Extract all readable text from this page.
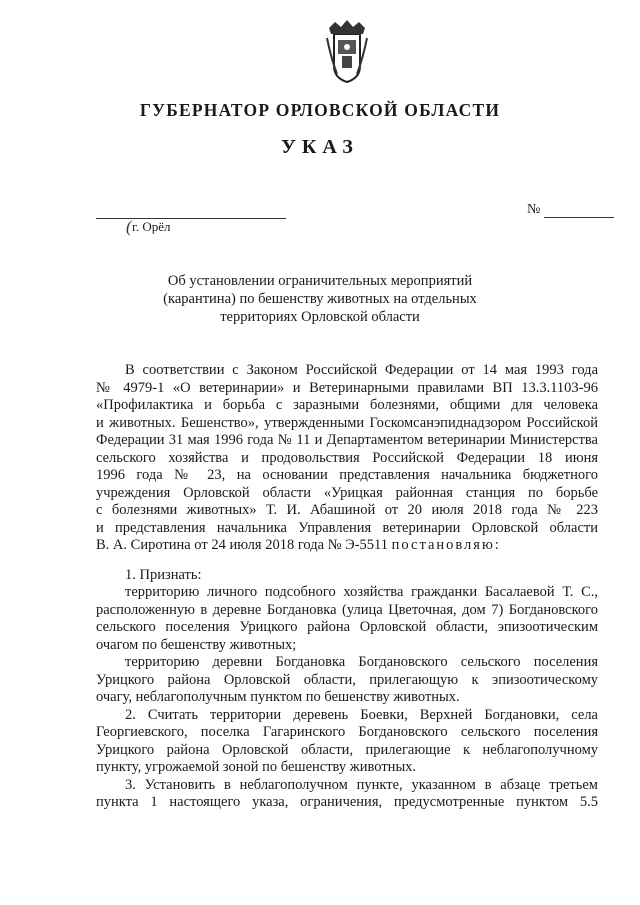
ГУБЕРНАТОР ОРЛОВСКОЙ ОБЛАСТИ
УКАЗ
( г. Орёл
№
Об установлении ограничительных мероприятий
(карантина) по бешенству животных на отдельных
территориях Орловской области
В соответствии с Законом Российской Федерации от 14 мая 1993 года
№ 4979-1 «О ветеринарии» и Ветеринарными правилами ВП 13.3.1103-96
«Профилактика и борьба с заразными болезнями, общими для человека
и животных. Бешенство», утвержденными Госкомсанэпиднадзором Российской
Федерации 31 мая 1996 года № 11 и Департаментом ветеринарии Министерства
сельского хозяйства и продовольствия Российской Федерации 18 июня
1996 года № 23, на основании представления начальника бюджетного
учреждения Орловской области «Урицкая районная станция по борьбе
с болезнями животных» Т. И. Абашиной от 20 июля 2018 года № 223
и представления начальника Управления ветеринарии Орловской области
В. А. Сиротина от 24 июля 2018 года № Э-5511 постановляю:
1. Признать:
территорию личного подсобного хозяйства гражданки Басалаевой Т. С.,
расположенную в деревне Богдановка (улица Цветочная, дом 7) Богдановского
сельского поселения Урицкого района Орловской области, эпизоотическим
очагом по бешенству животных;
территорию деревни Богдановка Богдановского сельского поселения
Урицкого района Орловской области, прилегающую к эпизоотическому
очагу, неблагополучным пунктом по бешенству животных.
2. Считать территории деревень Боевки, Верхней Богдановки, села
Георгиевского, поселка Гагаринского Богдановского сельского поселения
Урицкого района Орловской области, прилегающие к неблагополучному
пункту, угрожаемой зоной по бешенству животных.
3. Установить в неблагополучном пункте, указанном в абзаце третьем
пункта 1 настоящего указа, ограничения, предусмотренные пунктом 5.5
